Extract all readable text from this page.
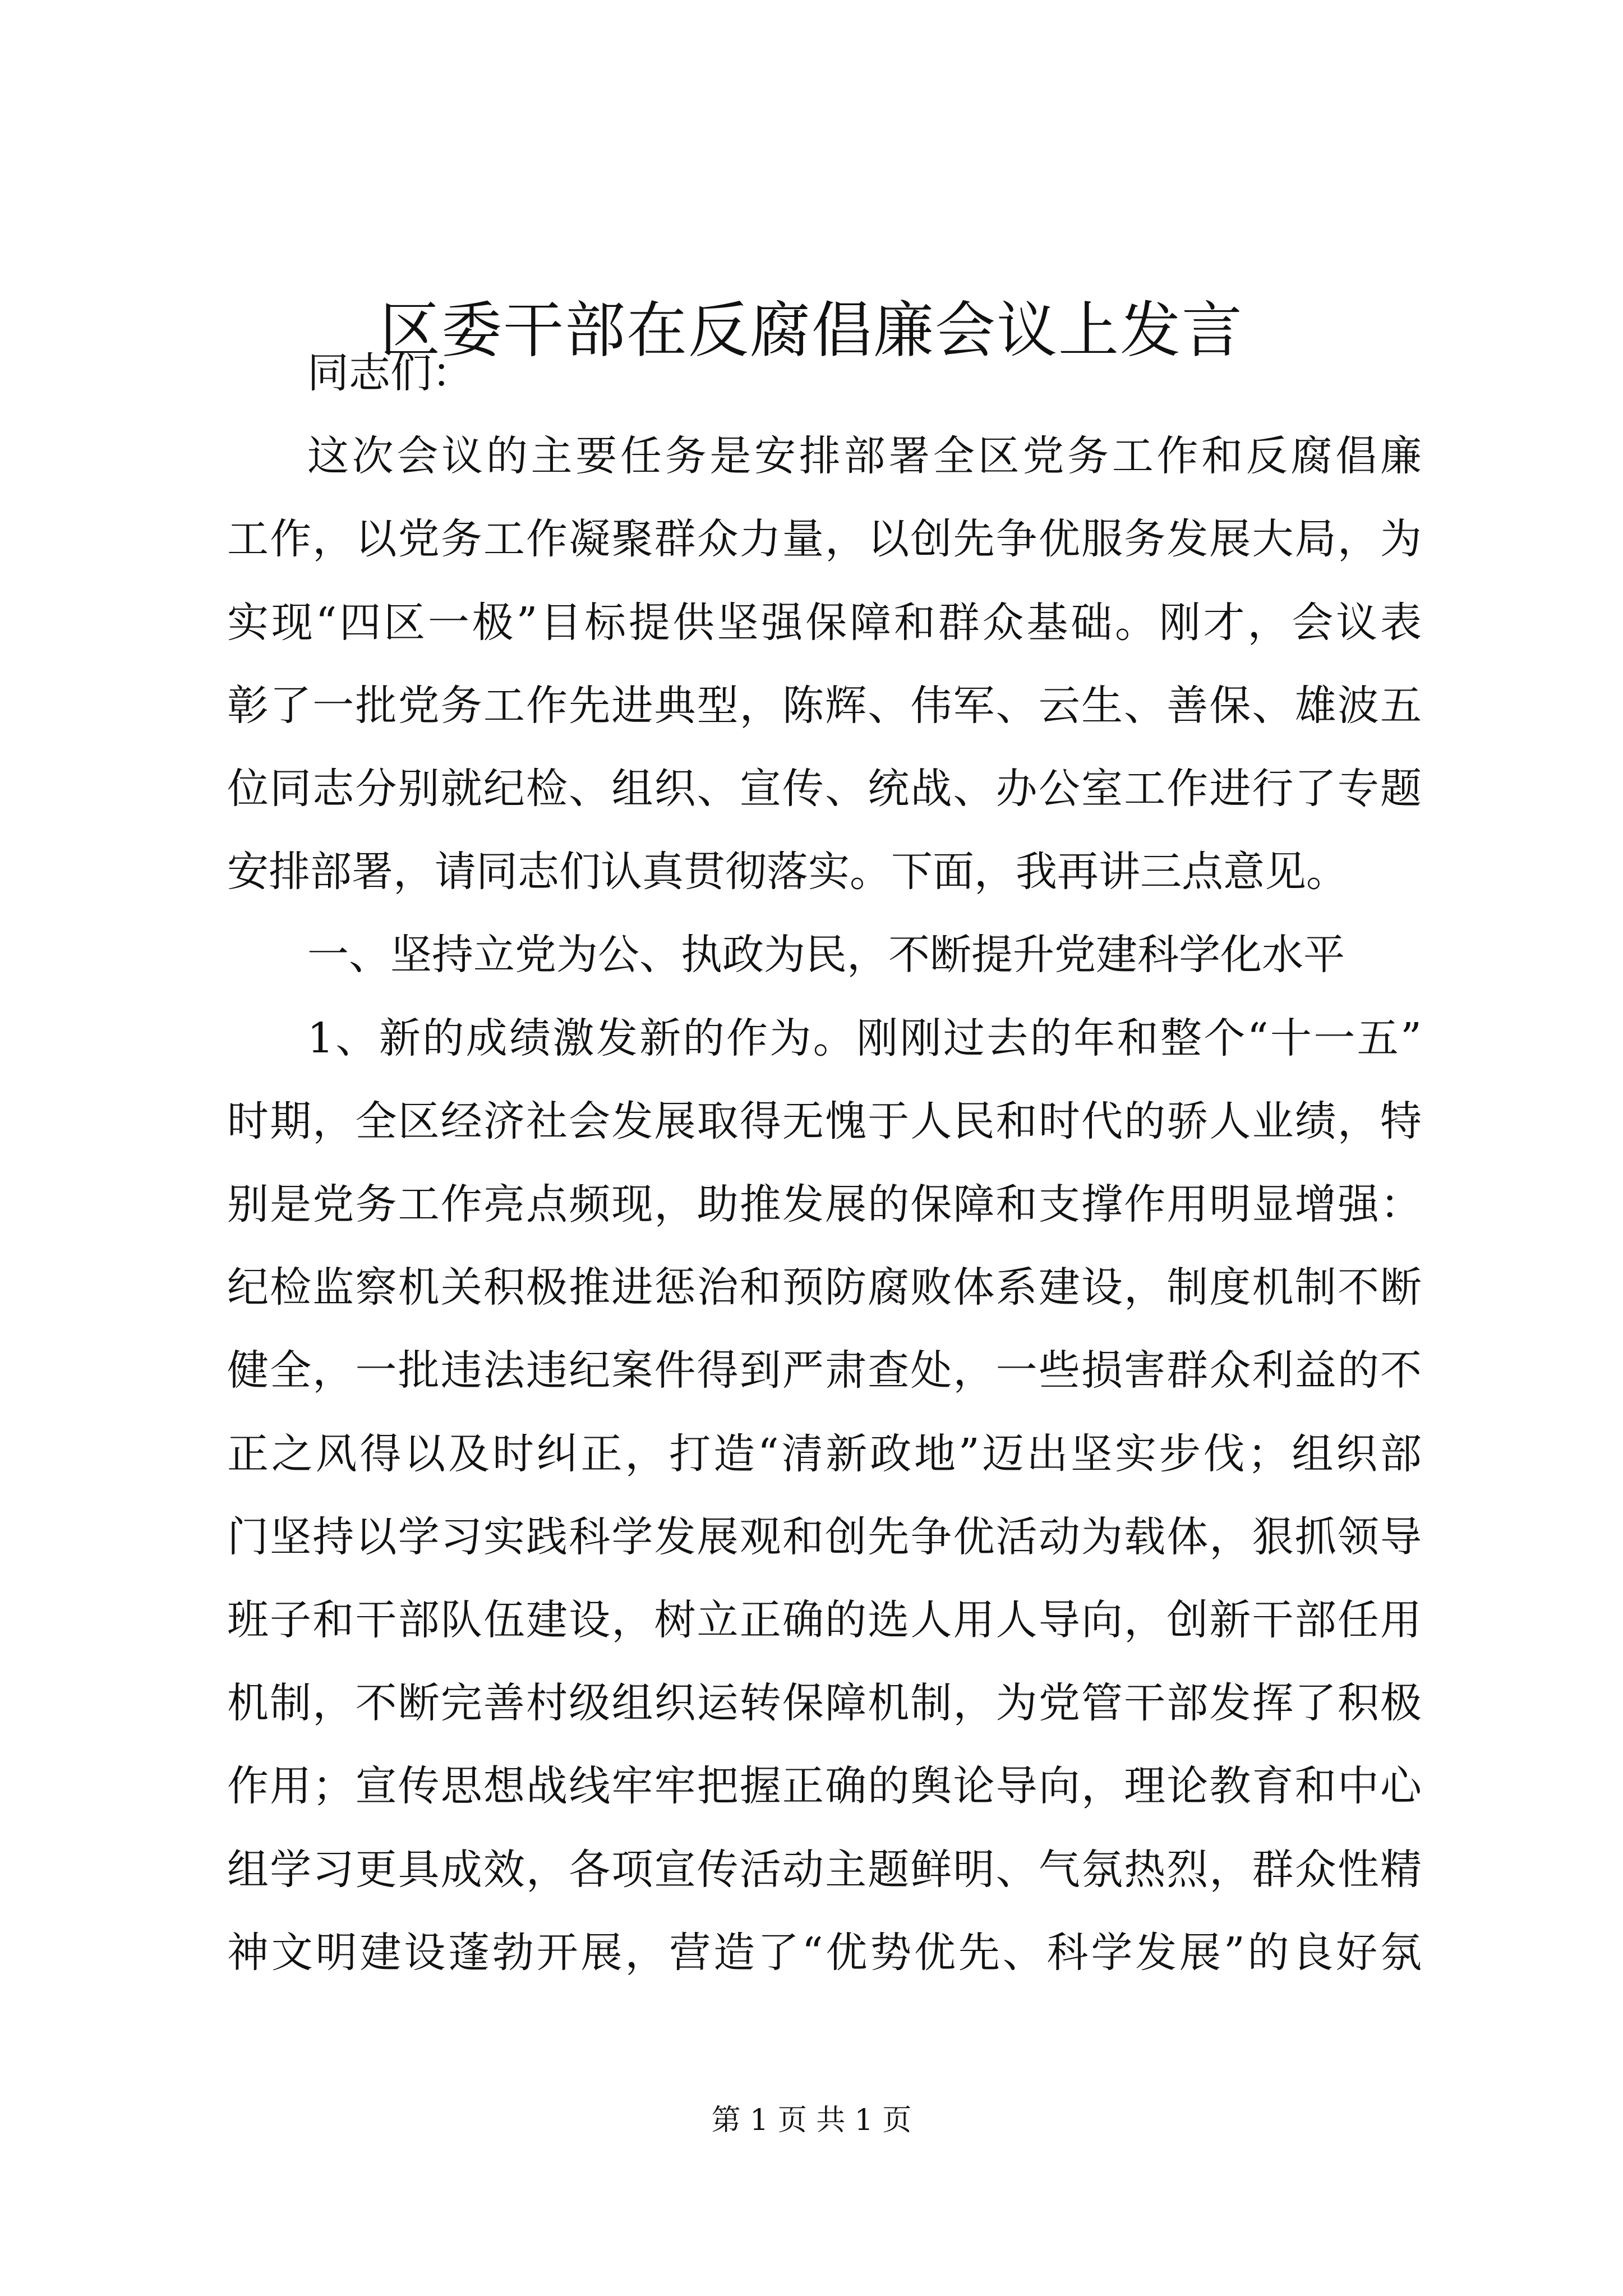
区委干部在反腐倡廉会议上发言
同志们：
这次会议的主要任务是安排部署全区党务工作和反腐倡廉
工作，以党务工作凝聚群众力量，以创先争优服务发展大局，为
实现“四区一极”目标提供坚强保障和群众基础。刚才，会议表
彰了一批党务工作先进典型，陈辉、伟军、云生、善保、雄波五
位同志分别就纪检、组织、宣传、统战、办公室工作进行了专题
安排部署，请同志们认真贯彻落实。下面，我再讲三点意见。
一、坚持立党为公、执政为民，不断提升党建科学化水平
1、新的成绩激发新的作为。刚刚过去的年和整个“十一五”
时期，全区经济社会发展取得无愧于人民和时代的骄人业绩，特
别是党务工作亮点频现，助推发展的保障和支撑作用明显增强：
纪检监察机关积极推进惩治和预防腐败体系建设，制度机制不断
健全，一批违法违纪案件得到严肃查处，一些损害群众利益的不
正之风得以及时纠正，打造“清新政地”迈出坚实步伐；组织部
门坚持以学习实践科学发展观和创先争优活动为载体，狠抓领导
班子和干部队伍建设，树立正确的选人用人导向，创新干部任用
机制，不断完善村级组织运转保障机制，为党管干部发挥了积极
作用；宣传思想战线牢牢把握正确的舆论导向，理论教育和中心
组学习更具成效，各项宣传活动主题鲜明、气氛热烈，群众性精
神文明建设蓬勃开展，营造了“优势优先、科学发展”的良好氛
第 1 页 共 1 页
